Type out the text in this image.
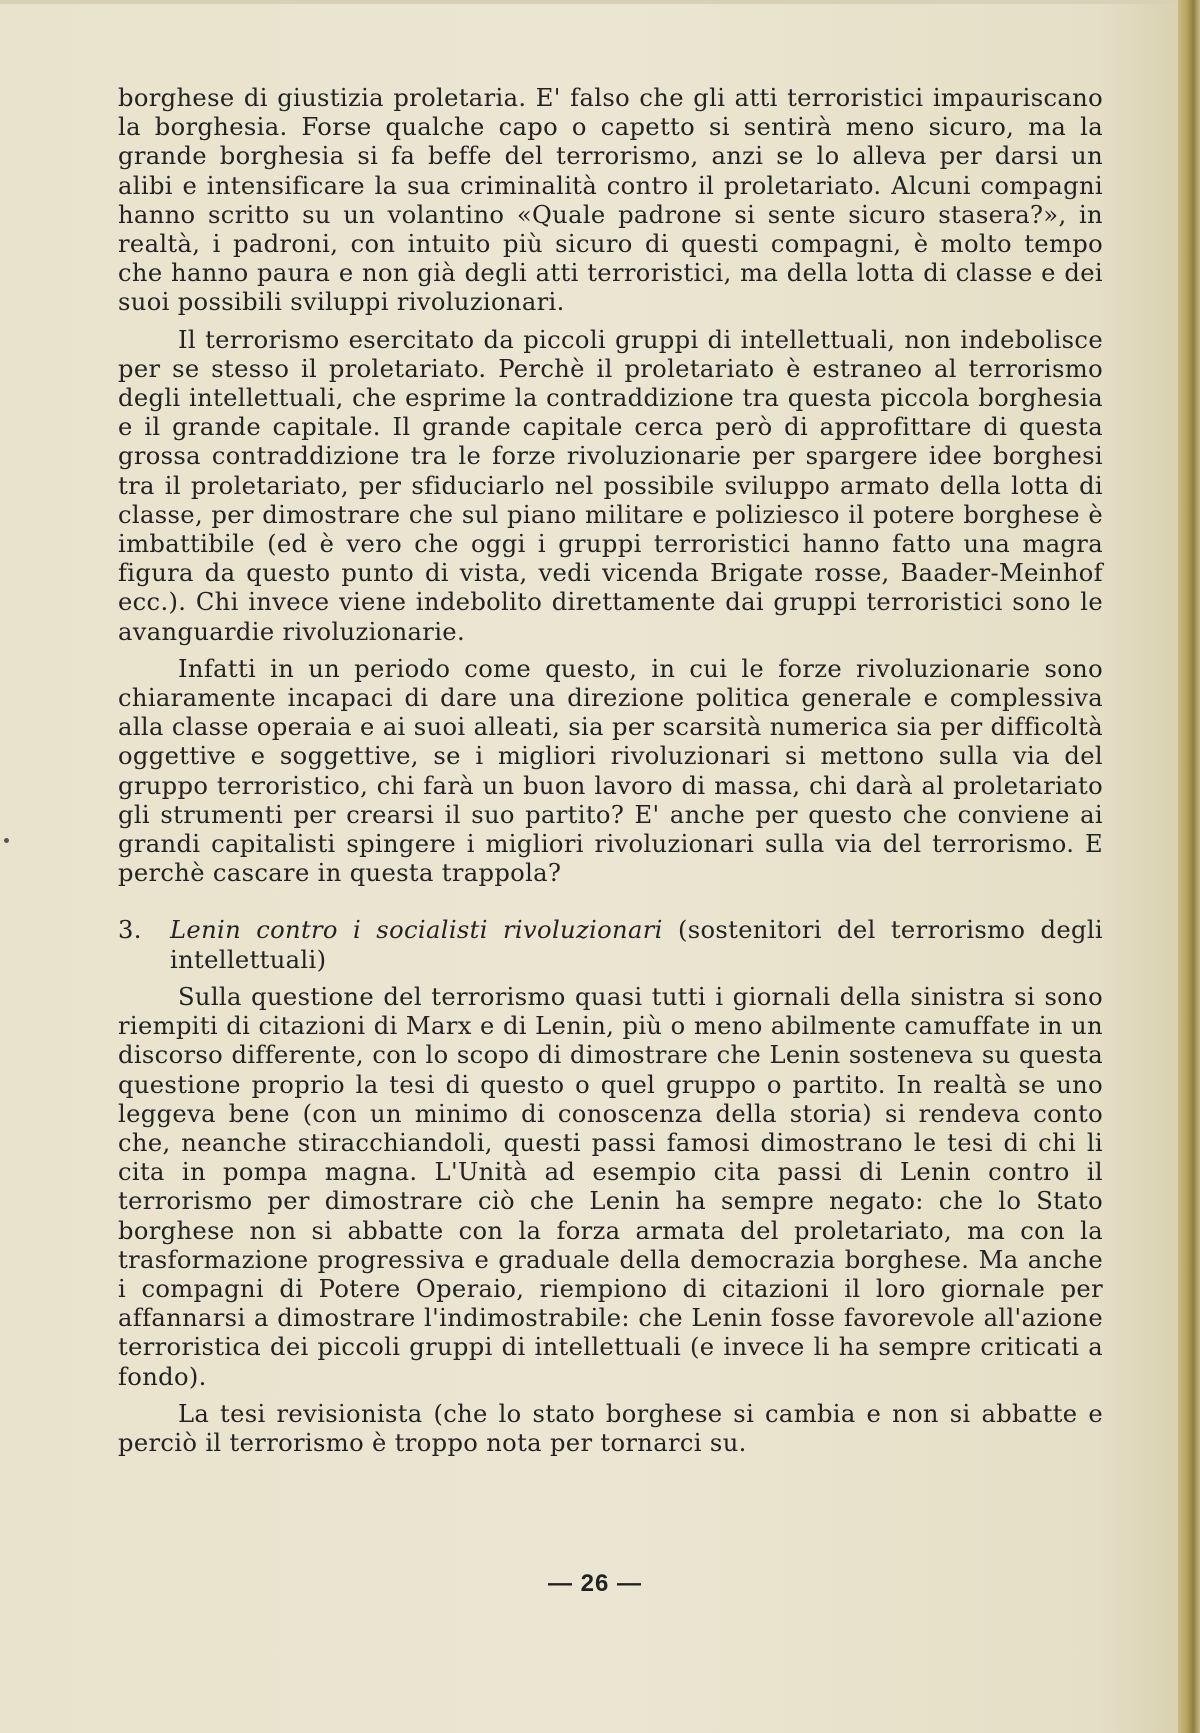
borghese di giustizia proletaria. E' falso che gli atti terroristici impauriscano la borghesia. Forse qualche capo o capetto si sentirà meno sicuro, ma la grande borghesia si fa beffe del terrorismo, anzi se lo alleva per darsi un alibi e intensificare la sua criminalità contro il proletariato. Alcuni compagni hanno scritto su un volantino «Quale padrone si sente sicuro stasera?», in realtà, i padroni, con intuito più sicuro di questi compagni, è molto tempo che hanno paura e non già degli atti terroristici, ma della lotta di classe e dei suoi possibili sviluppi rivoluzionari.

Il terrorismo esercitato da piccoli gruppi di intellettuali, non indebolisce per se stesso il proletariato. Perchè il proletariato è estraneo al terrorismo degli intellettuali, che esprime la contraddizione tra questa piccola borghesia e il grande capitale. Il grande capitale cerca però di approfittare di questa grossa contraddizione tra le forze rivoluzionarie per spargere idee borghesi tra il proletariato, per sfiduciarlo nel possibile sviluppo armato della lotta di classe, per dimostrare che sul piano militare e poliziesco il potere borghese è imbattibile (ed è vero che oggi i gruppi terroristici hanno fatto una magra figura da questo punto di vista, vedi vicenda Brigate rosse, Baader-Meinhof ecc.). Chi invece viene indebolito direttamente dai gruppi terroristici sono le avanguardie rivoluzionarie.

Infatti in un periodo come questo, in cui le forze rivoluzionarie sono chiaramente incapaci di dare una direzione politica generale e complessiva alla classe operaia e ai suoi alleati, sia per scarsità numerica sia per difficoltà oggettive e soggettive, se i migliori rivoluzionari si mettono sulla via del gruppo terroristico, chi farà un buon lavoro di massa, chi darà al proletariato gli strumenti per crearsi il suo partito? E' anche per questo che conviene ai grandi capitalisti spingere i migliori rivoluzionari sulla via del terrorismo. E perchè cascare in questa trappola?

3.	Lenin contro i socialisti rivoluzionari (sostenitori del terrorismo degli intellettuali)

Sulla questione del terrorismo quasi tutti i giornali della sinistra si sono riempiti di citazioni di Marx e di Lenin, più o meno abilmente camuffate in un discorso differente, con lo scopo di dimostrare che Lenin sosteneva su questa questione proprio la tesi di questo o quel gruppo o partito. In realtà se uno leggeva bene (con un minimo di conoscenza della storia) si rendeva conto che, neanche stiracchiandoli, questi passi famosi dimostrano le tesi di chi li cita in pompa magna. L'Unità ad esempio cita passi di Lenin contro il terrorismo per dimostrare ciò che Lenin ha sempre negato: che lo Stato borghese non si abbatte con la forza armata del proletariato, ma con la trasformazione progressiva e graduale della democrazia borghese. Ma anche i compagni di Potere Operaio, riempiono di citazioni il loro giornale per affannarsi a dimostrare l'indimostrabile: che Lenin fosse favorevole all'azione terroristica dei piccoli gruppi di intellettuali (e invece li ha sempre criticati a fondo).

La tesi revisionista (che lo stato borghese si cambia e non si abbatte e perciò il terrorismo è troppo nota per tornarci su.

— 26 —
